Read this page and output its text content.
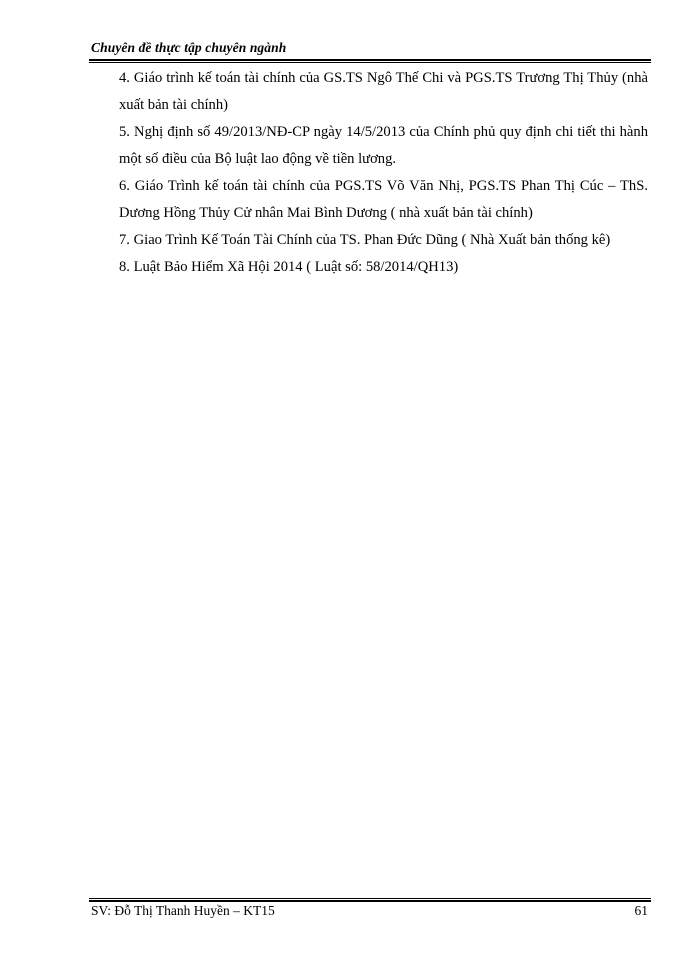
Chuyên đề thực tập chuyên ngành
4. Giáo trình kế toán tài chính của GS.TS Ngô Thế Chi và PGS.TS Trương Thị Thủy (nhà xuất bản tài chính)
5. Nghị định số 49/2013/NĐ-CP ngày 14/5/2013 của Chính phủ quy định chi tiết thi hành một số điều của Bộ luật lao động về tiền lương.
6. Giáo Trình kế toán tài chính của PGS.TS Võ Văn Nhị, PGS.TS Phan Thị Cúc – ThS. Dương Hồng Thủy Cử nhân Mai Bình Dương ( nhà xuất bản tài chính)
7. Giao Trình Kế Toán Tài Chính của TS. Phan Đức Dũng ( Nhà Xuất bản thống kê)
8. Luật Bảo Hiểm Xã Hội 2014 ( Luật số: 58/2014/QH13)
SV: Đỗ Thị Thanh Huyền – KT15	61
